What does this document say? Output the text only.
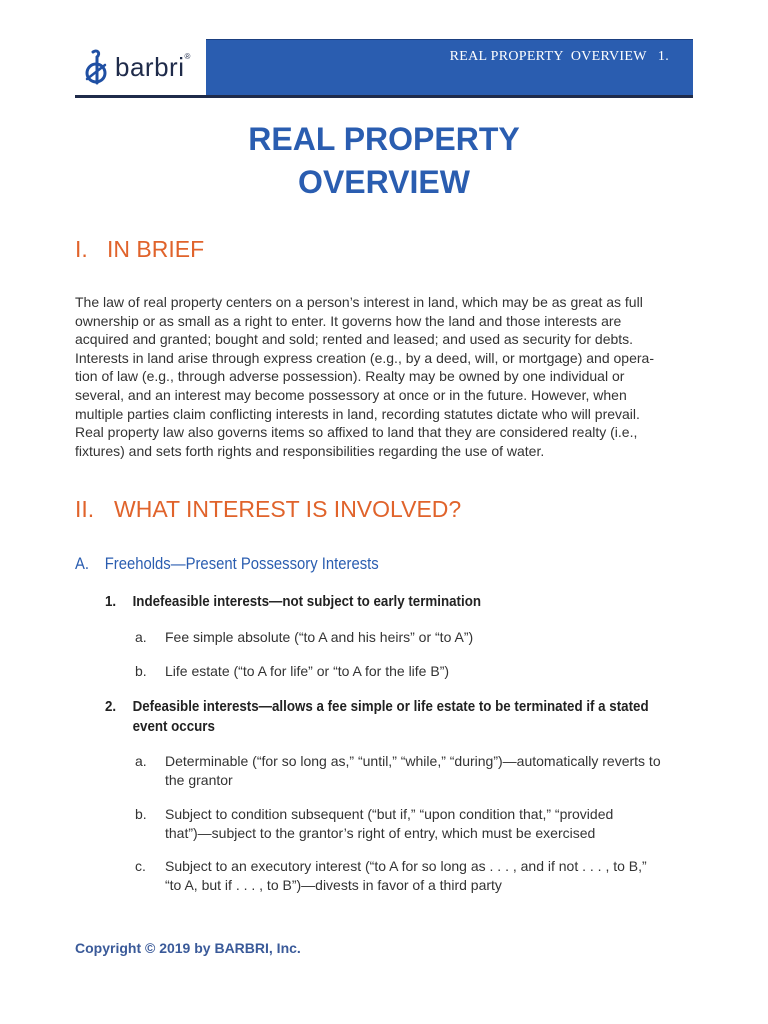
barbri®	REAL PROPERTY  OVERVIEW   1.
REAL PROPERTY
OVERVIEW
I. IN BRIEF
The law of real property centers on a person’s interest in land, which may be as great as full
ownership or as small as a right to enter. It governs how the land and those interests are
acquired and granted; bought and sold; rented and leased; and used as security for debts.
Interests in land arise through express creation (e.g., by a deed, will, or mortgage) and opera-
tion of law (e.g., through adverse possession). Realty may be owned by one individual or
several, and an interest may become possessory at once or in the future. However, when
multiple parties claim conflicting interests in land, recording statutes dictate who will prevail.
Real property law also governs items so affixed to land that they are considered realty (i.e.,
fixtures) and sets forth rights and responsibilities regarding the use of water.
II. WHAT INTEREST IS INVOLVED?
A. Freeholds—Present Possessory Interests
1. Indefeasible interests—not subject to early termination
a. Fee simple absolute (“to A and his heirs” or “to A”)
b. Life estate (“to A for life” or “to A for the life B”)
2. Defeasible interests—allows a fee simple or life estate to be terminated if a stated
event occurs
a. Determinable (“for so long as,” “until,” “while,” “during”)—automatically reverts to
the grantor
b. Subject to condition subsequent (“but if,” “upon condition that,” “provided
that”)—subject to the grantor’s right of entry, which must be exercised
c. Subject to an executory interest (“to A for so long as . . . , and if not . . . , to B,”
“to A, but if . . . , to B”)—divests in favor of a third party
Copyright © 2019 by BARBRI, Inc.
